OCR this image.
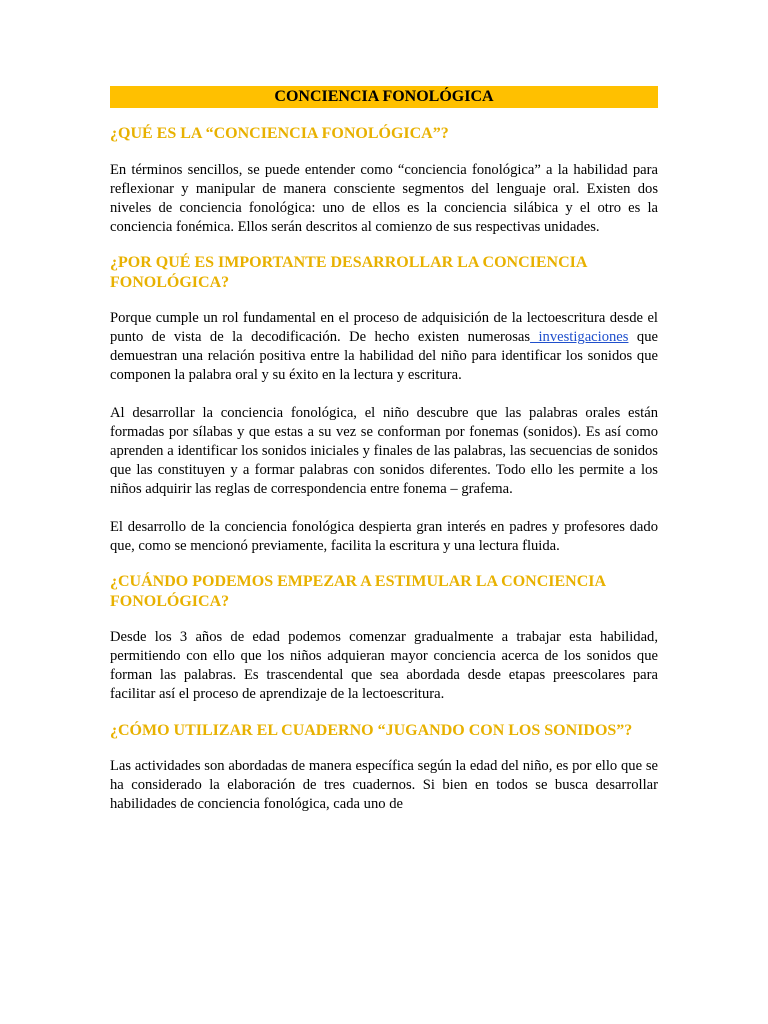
CONCIENCIA FONOLÓGICA
¿QUÉ ES LA “CONCIENCIA FONOLÓGICA”?

En términos sencillos, se puede entender como “conciencia fonológica” a la habilidad para reflexionar y manipular de manera consciente segmentos del lenguaje oral. Existen dos niveles de conciencia fonológica: uno de ellos es la conciencia silábica y el otro es la conciencia fonémica. Ellos serán descritos al comienzo de sus respectivas unidades.

¿POR QUÉ ES IMPORTANTE DESARROLLAR LA CONCIENCIA FONOLÓGICA?

Porque cumple un rol fundamental en el proceso de adquisición de la lectoescritura desde el punto de vista de la decodificación. De hecho existen numerosas investigaciones que demuestran una relación positiva entre la habilidad del niño para identificar los sonidos que componen la palabra oral y su éxito en la lectura y escritura.

Al desarrollar la conciencia fonológica, el niño descubre que las palabras orales están formadas por sílabas y que estas a su vez se conforman por fonemas (sonidos). Es así como aprenden a identificar los sonidos iniciales y finales de las palabras, las secuencias de sonidos que las constituyen y a formar palabras con sonidos diferentes. Todo ello les permite a los niños adquirir las reglas de correspondencia entre fonema – grafema.

El desarrollo de la conciencia fonológica despierta gran interés en padres y profesores dado que, como se mencionó previamente, facilita la escritura y una lectura fluida.

¿CUÁNDO PODEMOS EMPEZAR A ESTIMULAR LA CONCIENCIA FONOLÓGICA?

Desde los 3 años de edad podemos comenzar gradualmente a trabajar esta habilidad, permitiendo con ello que los niños adquieran mayor conciencia acerca de los sonidos que forman las palabras. Es trascendental que sea abordada desde etapas preescolares para facilitar así el proceso de aprendizaje de la lectoescritura.

¿CÓMO UTILIZAR EL CUADERNO “JUGANDO CON LOS SONIDOS”?

Las actividades son abordadas de manera específica según la edad del niño, es por ello que se ha considerado la elaboración de tres cuadernos. Si bien en todos se busca desarrollar habilidades de conciencia fonológica, cada uno de
